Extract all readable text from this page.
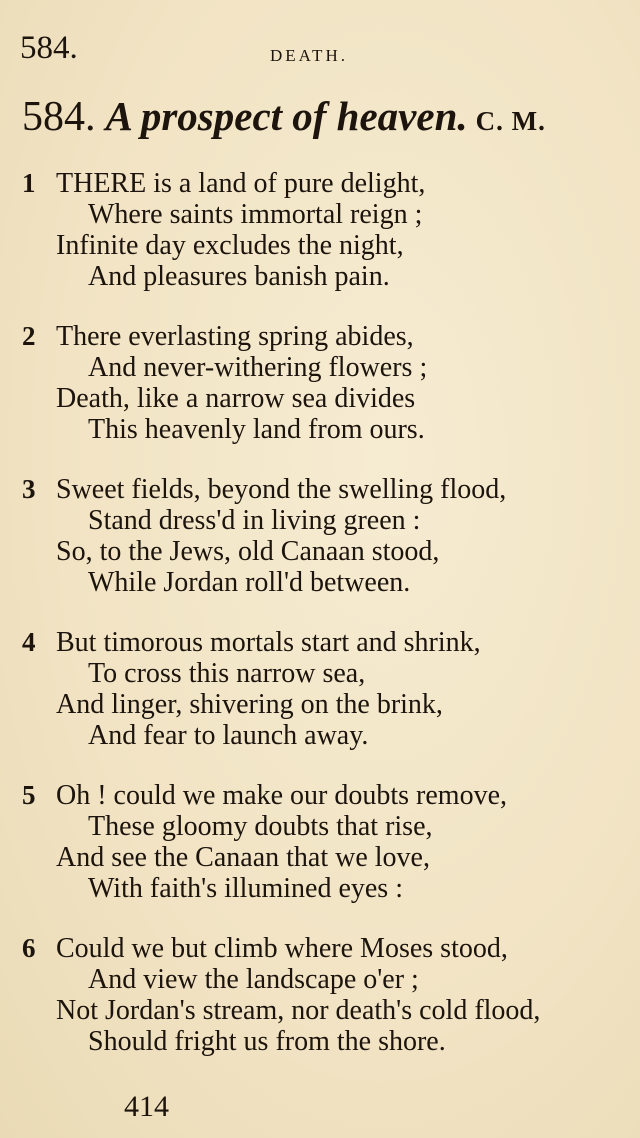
584.	DEATH.
584. A prospect of heaven. C. M.
1 THERE is a land of pure delight,
Where saints immortal reign ;
Infinite day excludes the night,
And pleasures banish pain.
2 There everlasting spring abides,
And never-withering flowers ;
Death, like a narrow sea divides
This heavenly land from ours.
3 Sweet fields, beyond the swelling flood,
Stand dress'd in living green :
So, to the Jews, old Canaan stood,
While Jordan roll'd between.
4 But timorous mortals start and shrink,
To cross this narrow sea,
And linger, shivering on the brink,
And fear to launch away.
5 Oh ! could we make our doubts remove,
These gloomy doubts that rise,
And see the Canaan that we love,
With faith's illumined eyes :
6 Could we but climb where Moses stood,
And view the landscape o'er ;
Not Jordan's stream, nor death's cold flood,
Should fright us from the shore.
414
